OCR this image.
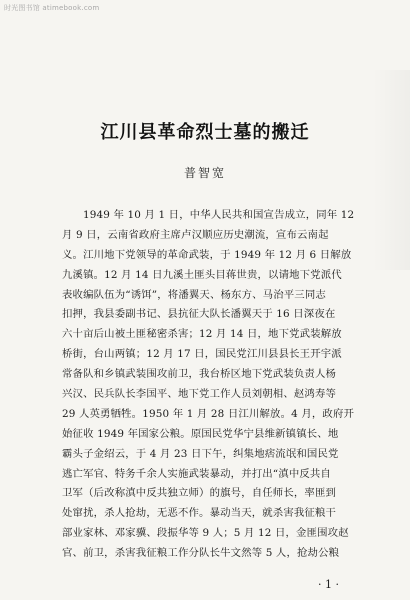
时光图书馆 atimebook.com
江川县革命烈士墓的搬迁
普智宽
1949 年 10 月 1 日，中华人民共和国宣告成立，同年 12
月 9 日，云南省政府主席卢汉顺应历史潮流，宣布云南起
义。江川地下党领导的革命武装，于 1949 年 12 月 6 日解放
九溪镇。12 月 14 日九溪土匪头目蒋世贵，以请地下党派代
表收编队伍为“诱饵”，将潘翼天、杨东方、马治平三同志
扣押，我县委副书记、县抗征大队长潘翼天于 16 日深夜在
六十亩后山被土匪秘密杀害；12 月 14 日，地下党武装解放
桥街，台山两镇；12 月 17 日，国民党江川县县长王开宇派
常备队和乡镇武装围攻前卫，我台桥区地下党武装负责人杨
兴汉、民兵队长李国平、地下党工作人员刘朝相、赵鸿寿等
29 人英勇牺牲。1950 年 1 月 28 日江川解放。4 月，政府开
始征收 1949 年国家公粮。原国民党华宁县维新镇镇长、地
霸头子金绍云，于 4 月 23 日下午，纠集地痞流氓和国民党
逃亡军官、特务千余人实施武装暴动，并打出“滇中反共自
卫军（后改称滇中反共独立师）的旗号，自任师长，率匪到
处窜扰，杀人抢劫，无恶不作。暴动当天，就杀害我征粮干
部业家林、邓家骥、段振华等 9 人；5 月 12 日，金匪围攻赵
官、前卫，杀害我征粮工作分队长牛文然等 5 人，抢劫公粮
· 1 ·
